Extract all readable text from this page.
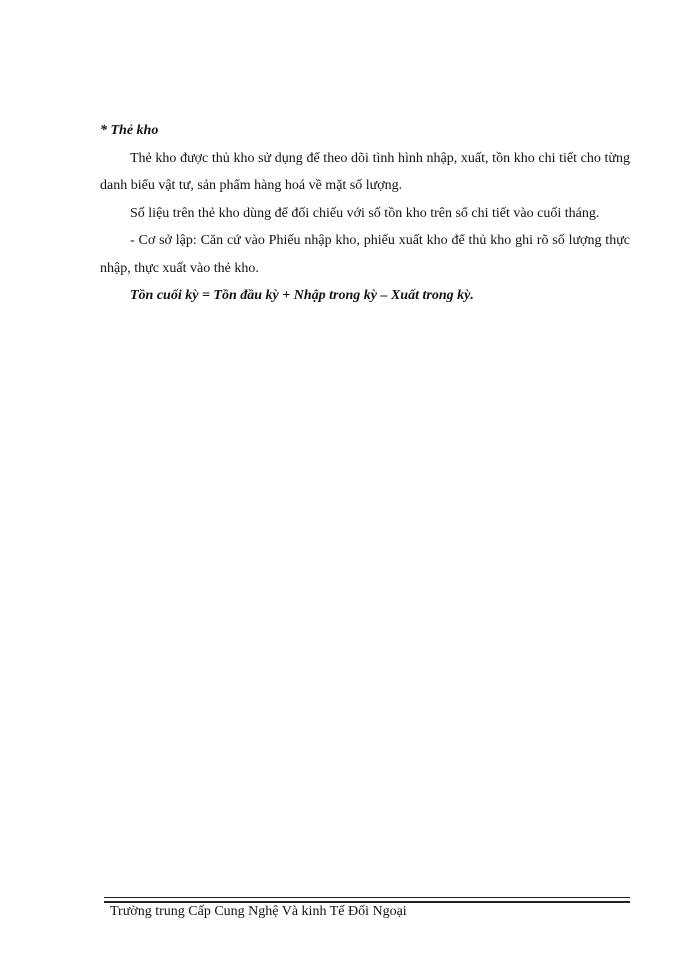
* Thẻ kho

Thẻ kho được thủ kho sử dụng để theo dõi tình hình nhập, xuất, tồn kho chi tiết cho từng danh biểu vật tư, sản phẩm hàng hoá về mặt số lượng.

Số liệu trên thẻ kho dùng để đối chiếu với số tồn kho trên sổ chi tiết vào cuối tháng.

- Cơ sở lập: Căn cứ vào Phiếu nhập kho, phiếu xuất kho để thủ kho ghi rõ số lượng thực nhập, thực xuất vào thẻ kho.

Tồn cuối kỳ = Tồn đầu kỳ + Nhập trong kỳ – Xuất trong kỳ.

Trường trung Cấp Cung Nghệ Và kinh Tế Đối Ngoại
